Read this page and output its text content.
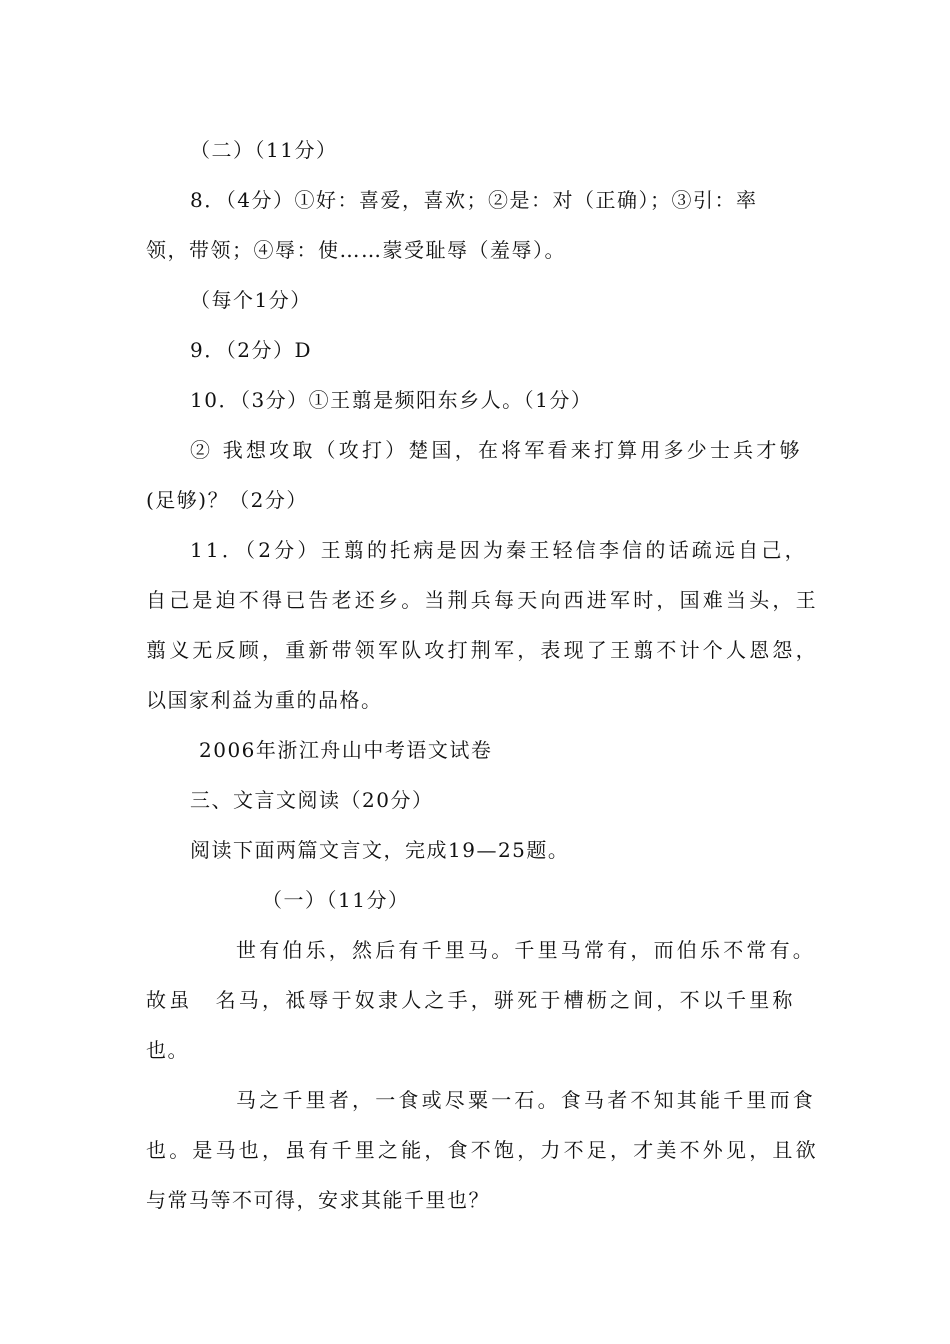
（二）（11分）
8．（4分）①好：喜爱，喜欢；②是：对（正确）；③引：率
领，带领；④辱：使……蒙受耻辱（羞辱）。
（每个1分）
9．（2分）D
10．（3分）①王翦是频阳东乡人。（1分）
② 我想攻取（攻打）楚国，在将军看来打算用多少士兵才够
(足够)？（2分）
11．（2分）王翦的托病是因为秦王轻信李信的话疏远自己，
自己是迫不得已告老还乡。当荆兵每天向西进军时，国难当头，王
翦义无反顾，重新带领军队攻打荆军，表现了王翦不计个人恩怨，
以国家利益为重的品格。
2006年浙江舟山中考语文试卷
三、文言文阅读（20分）
阅读下面两篇文言文，完成19—25题。
（一）（11分）
世有伯乐，然后有千里马。千里马常有，而伯乐不常有。
故虽　名马，祗辱于奴隶人之手，骈死于槽枥之间，不以千里称
也。
马之千里者，一食或尽粟一石。食马者不知其能千里而食
也。是马也，虽有千里之能，食不饱，力不足，才美不外见，且欲
与常马等不可得，安求其能千里也？
